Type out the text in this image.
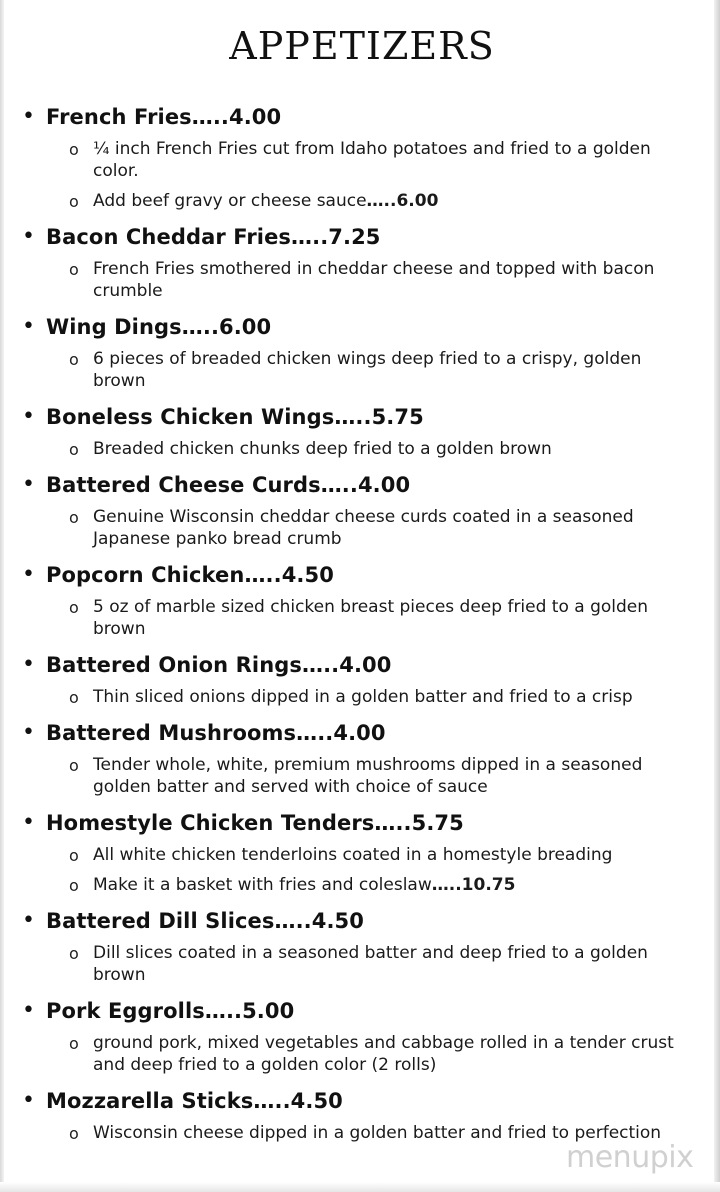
APPETIZERS
• French Fries…..4.00
o ¼ inch French Fries cut from Idaho potatoes and fried to a golden color.
o Add beef gravy or cheese sauce…..6.00
• Bacon Cheddar Fries…..7.25
o French Fries smothered in cheddar cheese and topped with bacon crumble
• Wing Dings…..6.00
o 6 pieces of breaded chicken wings deep fried to a crispy, golden brown
• Boneless Chicken Wings…..5.75
o Breaded chicken chunks deep fried to a golden brown
• Battered Cheese Curds…..4.00
o Genuine Wisconsin cheddar cheese curds coated in a seasoned Japanese panko bread crumb
• Popcorn Chicken…..4.50
o 5 oz of marble sized chicken breast pieces deep fried to a golden brown
• Battered Onion Rings…..4.00
o Thin sliced onions dipped in a golden batter and fried to a crisp
• Battered Mushrooms…..4.00
o Tender whole, white, premium mushrooms dipped in a seasoned golden batter and served with choice of sauce
• Homestyle Chicken Tenders…..5.75
o All white chicken tenderloins coated in a homestyle breading
o Make it a basket with fries and coleslaw…..10.75
• Battered Dill Slices…..4.50
o Dill slices coated in a seasoned batter and deep fried to a golden brown
• Pork Eggrolls…..5.00
o ground pork, mixed vegetables and cabbage rolled in a tender crust and deep fried to a golden color (2 rolls)
• Mozzarella Sticks…..4.50
o Wisconsin cheese dipped in a golden batter and fried to perfection
menupix
